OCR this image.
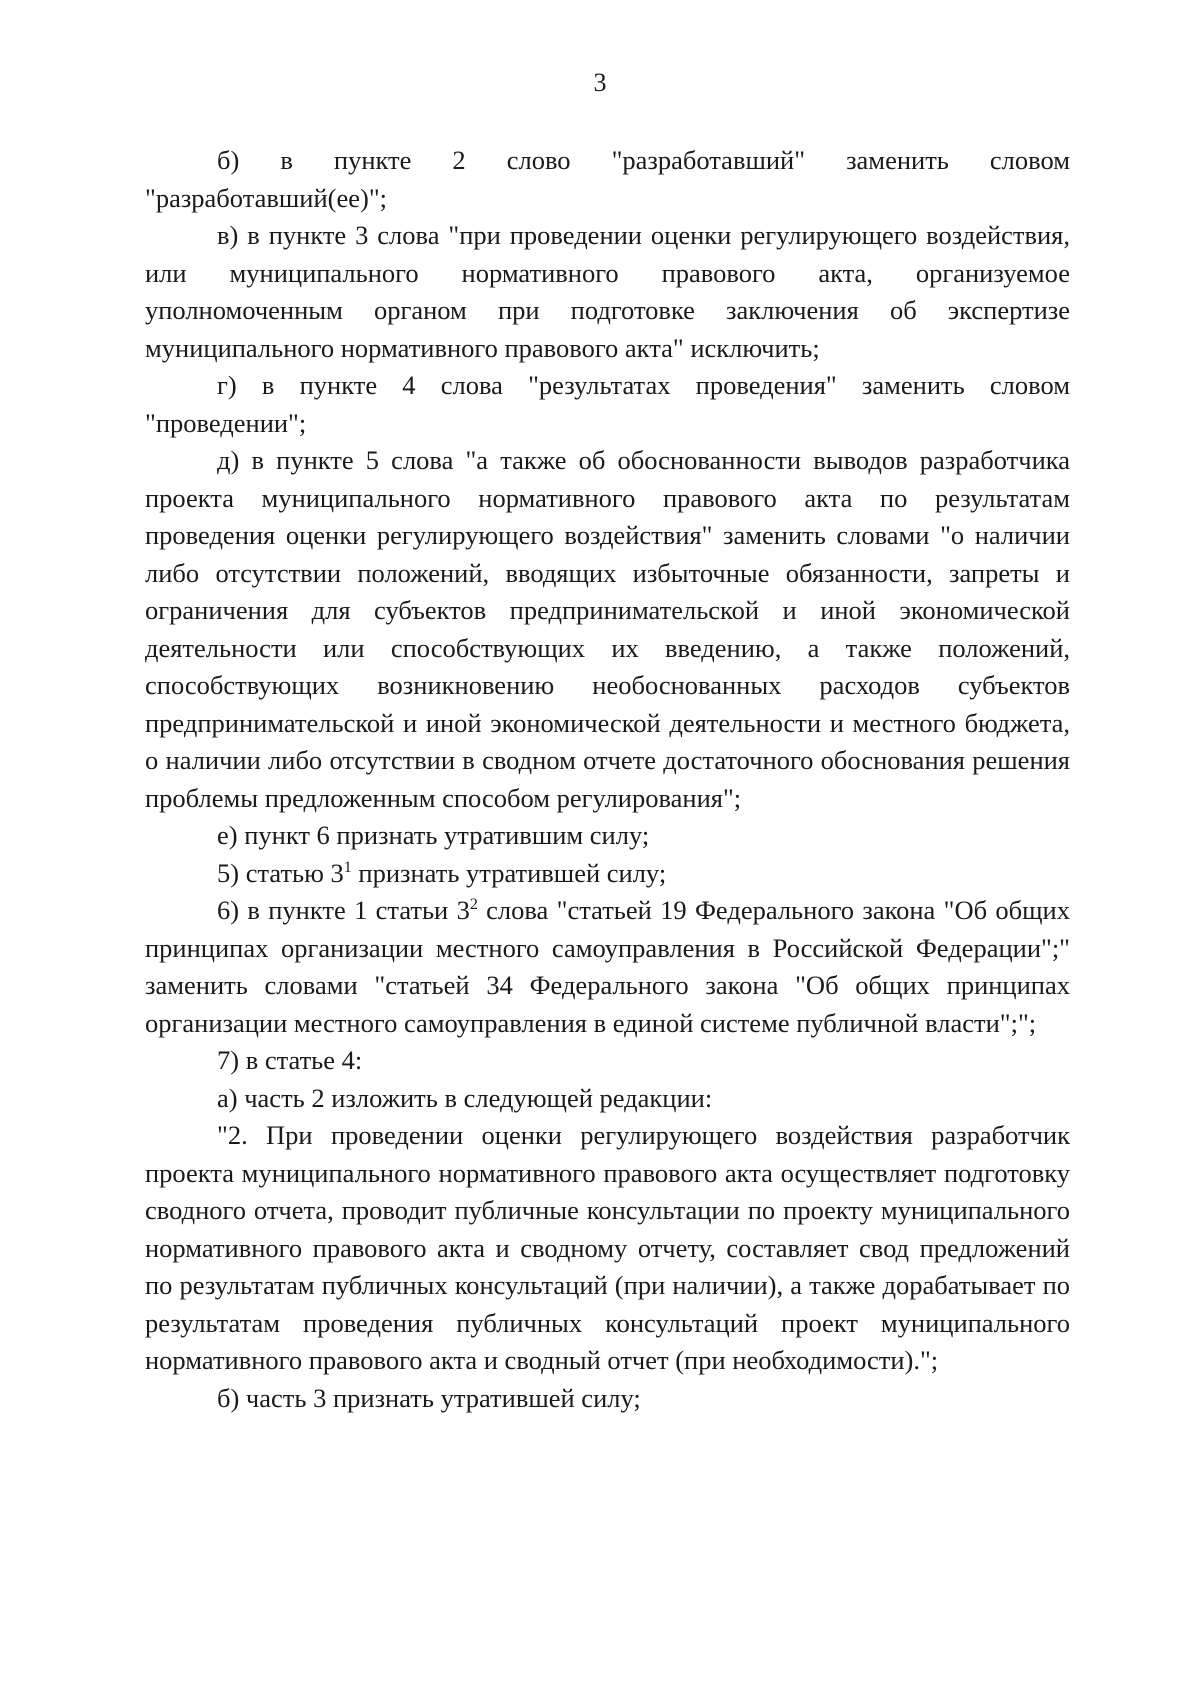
3

б) в пункте 2 слово "разработавший" заменить словом "разработавший(ее)";

в) в пункте 3 слова "при проведении оценки регулирующего воздействия, или муниципального нормативного правового акта, организуемое уполномоченным органом при подготовке заключения об экспертизе муниципального нормативного правового акта" исключить;

г) в пункте 4 слова "результатах проведения" заменить словом "проведении";

д) в пункте 5 слова "а также об обоснованности выводов разработчика проекта муниципального нормативного правового акта по результатам проведения оценки регулирующего воздействия" заменить словами "о наличии либо отсутствии положений, вводящих избыточные обязанности, запреты и ограничения для субъектов предпринимательской и иной экономической деятельности или способствующих их введению, а также положений, способствующих возникновению необоснованных расходов субъектов предпринимательской и иной экономической деятельности и местного бюджета, о наличии либо отсутствии в сводном отчете достаточного обоснования решения проблемы предложенным способом регулирования";

е) пункт 6 признать утратившим силу;

5) статью $3^1$ признать утратившей силу;

6) в пункте 1 статьи $3^2$ слова "статьей 19 Федерального закона "Об общих принципах организации местного самоуправления в Российской Федерации";" заменить словами "статьей 34 Федерального закона "Об общих принципах организации местного самоуправления в единой системе публичной власти";";

7) в статье 4:

а) часть 2 изложить в следующей редакции:

"2. При проведении оценки регулирующего воздействия разработчик проекта муниципального нормативного правового акта осуществляет подготовку сводного отчета, проводит публичные консультации по проекту муниципального нормативного правового акта и сводному отчету, составляет свод предложений по результатам публичных консультаций (при наличии), а также дорабатывает по результатам проведения публичных консультаций проект муниципального нормативного правового акта и сводный отчет (при необходимости).";

б) часть 3 признать утратившей силу;
